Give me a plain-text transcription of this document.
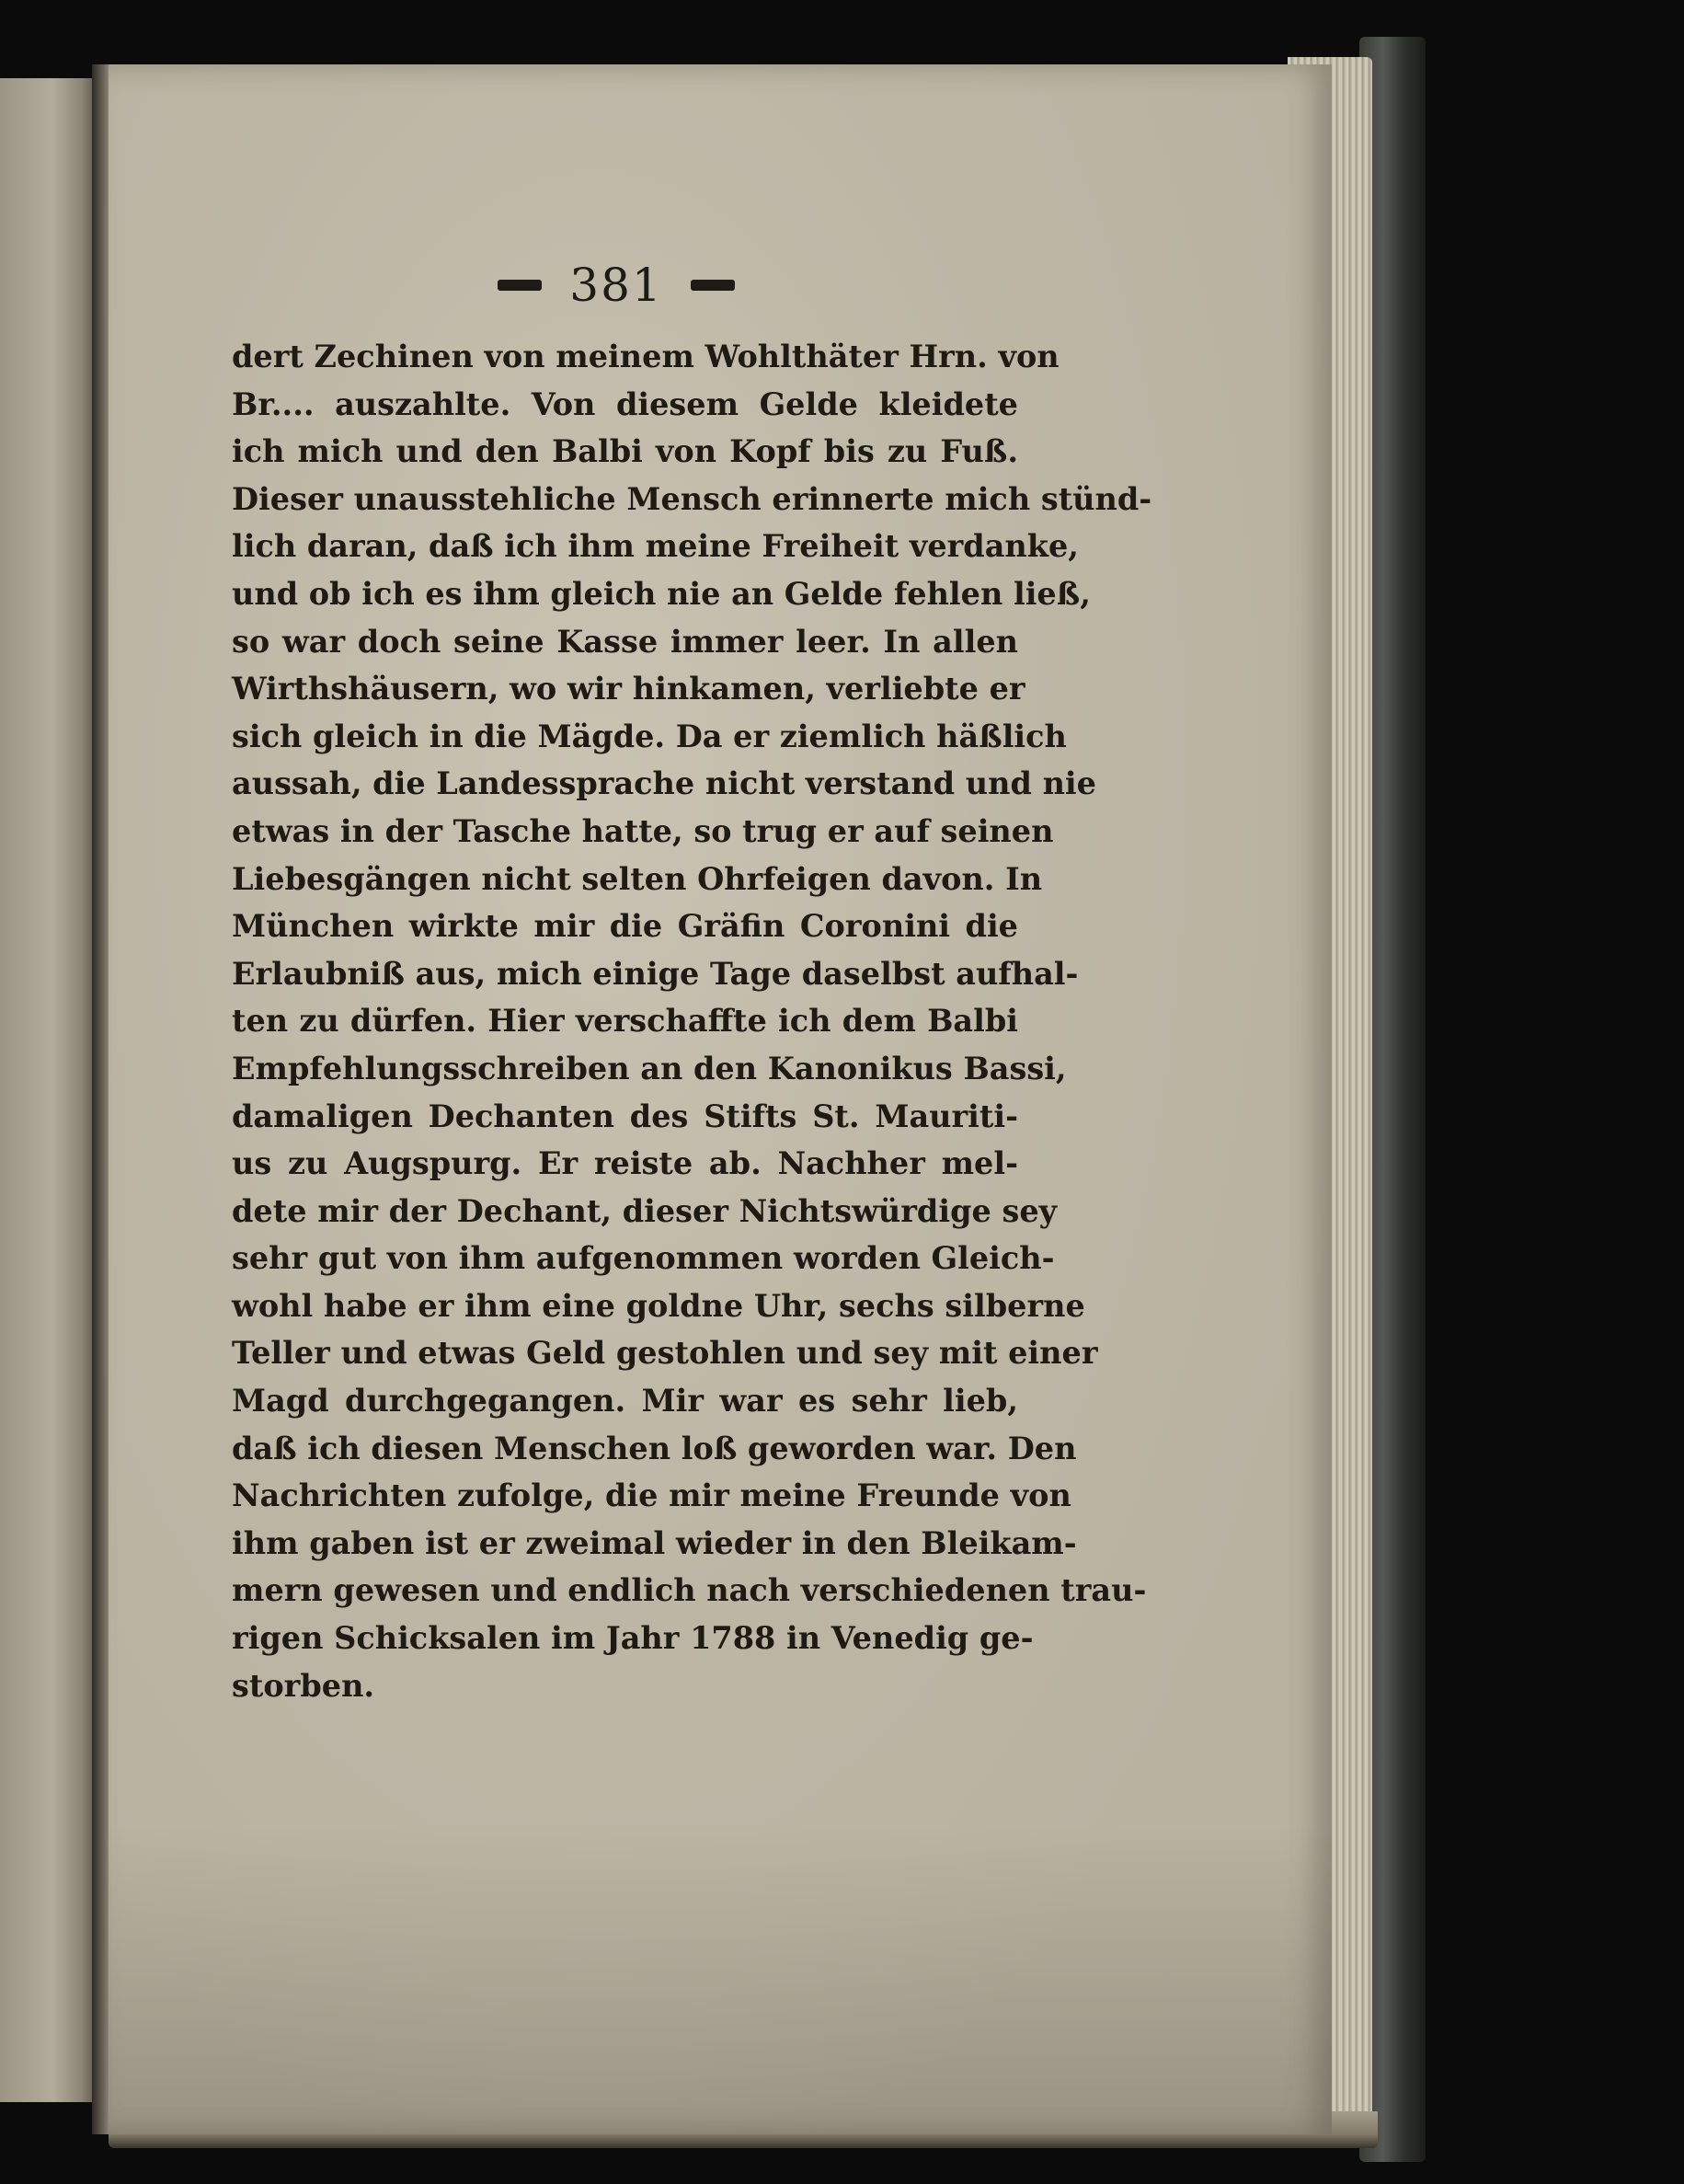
381
dert Zechinen von meinem Wohlthäter Hrn. von
Br.... auszahlte. Von diesem Gelde kleidete
ich mich und den Balbi von Kopf bis zu Fuß.
Dieser unausstehliche Mensch erinnerte mich stünd-
lich daran, daß ich ihm meine Freiheit verdanke,
und ob ich es ihm gleich nie an Gelde fehlen ließ,
so war doch seine Kasse immer leer. In allen
Wirthshäusern, wo wir hinkamen, verliebte er
sich gleich in die Mägde. Da er ziemlich häßlich
aussah, die Landessprache nicht verstand und nie
etwas in der Tasche hatte, so trug er auf seinen
Liebesgängen nicht selten Ohrfeigen davon. In
München wirkte mir die Gräfin Coronini die
Erlaubniß aus, mich einige Tage daselbst aufhal-
ten zu dürfen. Hier verschaffte ich dem Balbi
Empfehlungsschreiben an den Kanonikus Bassi,
damaligen Dechanten des Stifts St. Mauriti-
us zu Augspurg. Er reiste ab. Nachher mel-
dete mir der Dechant, dieser Nichtswürdige sey
sehr gut von ihm aufgenommen worden Gleich-
wohl habe er ihm eine goldne Uhr, sechs silberne
Teller und etwas Geld gestohlen und sey mit einer
Magd durchgegangen. Mir war es sehr lieb,
daß ich diesen Menschen loß geworden war. Den
Nachrichten zufolge, die mir meine Freunde von
ihm gaben ist er zweimal wieder in den Bleikam-
mern gewesen und endlich nach verschiedenen trau-
rigen Schicksalen im Jahr 1788 in Venedig ge-
storben.
